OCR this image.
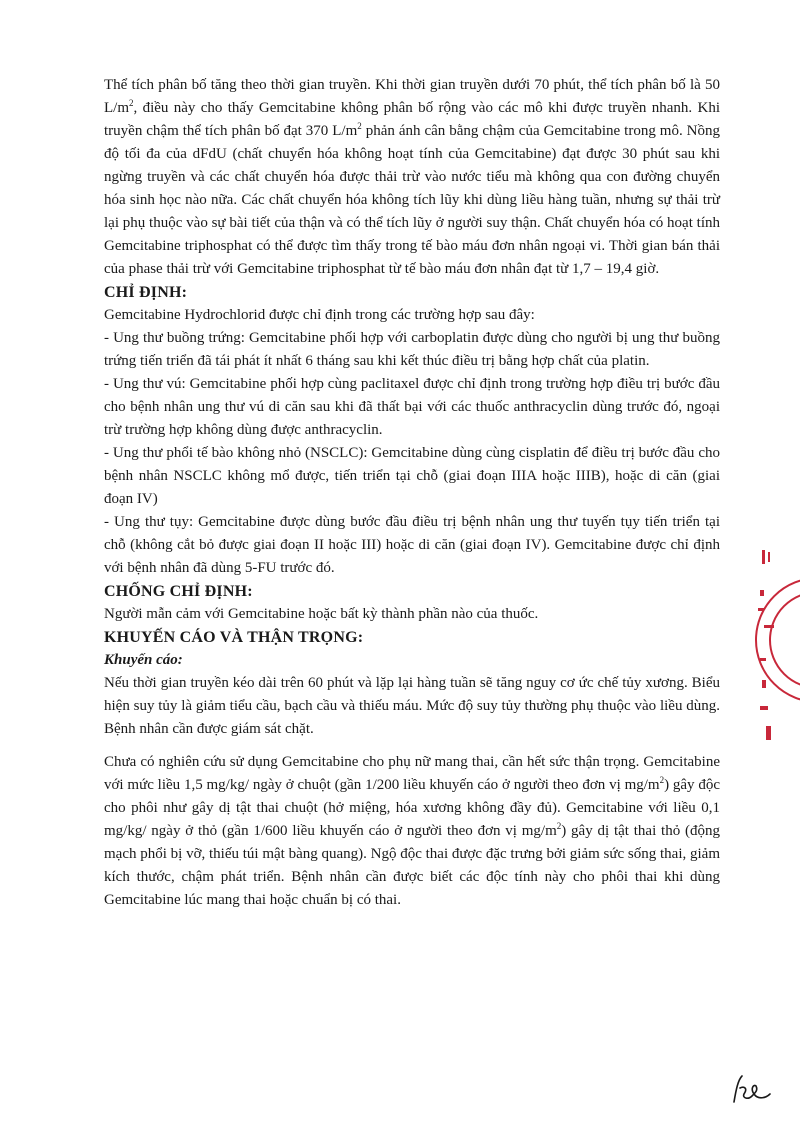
Thể tích phân bố tăng theo thời gian truyền. Khi thời gian truyền dưới 70 phút, thể tích phân bố là 50 $L/m^2$, điều này cho thấy Gemcitabine không phân bố rộng vào các mô khi được truyền nhanh. Khi truyền chậm thể tích phân bố đạt 370 $L/m^2$ phản ánh cân bằng chậm của Gemcitabine trong mô. Nồng độ tối đa của dFdU (chất chuyển hóa không hoạt tính của Gemcitabine) đạt được 30 phút sau khi ngừng truyền và các chất chuyển hóa được thải trừ vào nước tiểu mà không qua con đường chuyển hóa sinh học nào nữa. Các chất chuyển hóa không tích lũy khi dùng liều hàng tuần, nhưng sự thải trừ lại phụ thuộc vào sự bài tiết của thận và có thể tích lũy ở người suy thận. Chất chuyển hóa có hoạt tính Gemcitabine triphosphat có thể được tìm thấy trong tế bào máu đơn nhân ngoại vi. Thời gian bán thải của phase thải trừ với Gemcitabine triphosphat từ tế bào máu đơn nhân đạt từ 1,7 – 19,4 giờ.

CHỈ ĐỊNH:

Gemcitabine Hydrochlorid được chỉ định trong các trường hợp sau đây:

- Ung thư buồng trứng: Gemcitabine phối hợp với carboplatin được dùng cho người bị ung thư buồng trứng tiến triển đã tái phát ít nhất 6 tháng sau khi kết thúc điều trị bằng hợp chất của platin.

- Ung thư vú: Gemcitabine phối hợp cùng paclitaxel được chỉ định trong trường hợp điều trị bước đầu cho bệnh nhân ung thư vú di căn sau khi đã thất bại với các thuốc anthracyclin dùng trước đó, ngoại trừ trường hợp không dùng được anthracyclin.

- Ung thư phổi tế bào không nhỏ (NSCLC): Gemcitabine dùng cùng cisplatin để điều trị bước đầu cho bệnh nhân NSCLC không mổ được, tiến triển tại chỗ (giai đoạn IIIA hoặc IIIB), hoặc di căn (giai đoạn IV)

- Ung thư tụy: Gemcitabine được dùng bước đầu điều trị bệnh nhân ung thư tuyến tụy tiến triển tại chỗ (không cắt bỏ được giai đoạn II hoặc III) hoặc di căn (giai đoạn IV). Gemcitabine được chỉ định với bệnh nhân đã dùng 5-FU trước đó.

CHỐNG CHỈ ĐỊNH:

Người mẫn cảm với Gemcitabine hoặc bất kỳ thành phần nào của thuốc.

KHUYẾN CÁO VÀ THẬN TRỌNG:

Khuyến cáo:

Nếu thời gian truyền kéo dài trên 60 phút và lặp lại hàng tuần sẽ tăng nguy cơ ức chế tủy xương. Biểu hiện suy tủy là giảm tiểu cầu, bạch cầu và thiếu máu. Mức độ suy tủy thường phụ thuộc vào liều dùng. Bệnh nhân cần được giám sát chặt.

Chưa có nghiên cứu sử dụng Gemcitabine cho phụ nữ mang thai, cần hết sức thận trọng. Gemcitabine với mức liều 1,5 mg/kg/ ngày ở chuột (gần 1/200 liều khuyến cáo ở người theo đơn vị $mg/m^2$) gây độc cho phôi như gây dị tật thai chuột (hở miệng, hóa xương không đầy đủ). Gemcitabine với liều 0,1 mg/kg/ ngày ở thỏ (gần 1/600 liều khuyến cáo ở người theo đơn vị $mg/m^2$) gây dị tật thai thỏ (động mạch phổi bị vỡ, thiếu túi mật bàng quang). Ngộ độc thai được đặc trưng bởi giảm sức sống thai, giảm kích thước, chậm phát triển. Bệnh nhân cần được biết các độc tính này cho phôi thai khi dùng Gemcitabine lúc mang thai hoặc chuẩn bị có thai.
